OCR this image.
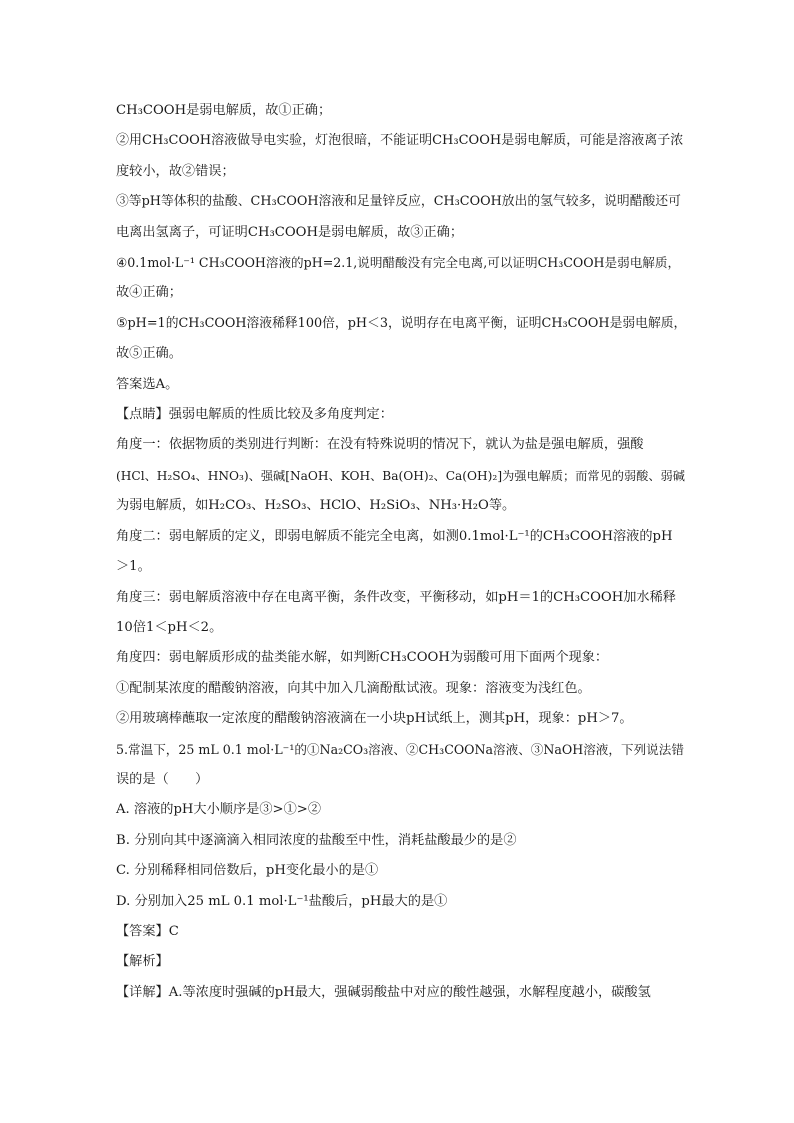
CH₃COOH是弱电解质，故①正确；

②用CH₃COOH溶液做导电实验，灯泡很暗，不能证明CH₃COOH是弱电解质，可能是溶液离子浓

度较小，故②错误；

③等pH等体积的盐酸、CH₃COOH溶液和足量锌反应，CH₃COOH放出的氢气较多，说明醋酸还可

电离出氢离子，可证明CH₃COOH是弱电解质，故③正确；

④0.1mol·L⁻¹ CH₃COOH溶液的pH=2.1,说明醋酸没有完全电离,可以证明CH₃COOH是弱电解质，

故④正确；

⑤pH=1的CH₃COOH溶液稀释100倍，pH＜3，说明存在电离平衡，证明CH₃COOH是弱电解质，

故⑤正确。

答案选A。

【点睛】强弱电解质的性质比较及多角度判定：

角度一：依据物质的类别进行判断：在没有特殊说明的情况下，就认为盐是强电解质，强酸

(HCl、H₂SO₄、HNO₃)、强碱[NaOH、KOH、Ba(OH)₂、Ca(OH)₂]为强电解质；而常见的弱酸、弱碱

为弱电解质，如H₂CO₃、H₂SO₃、HClO、H₂SiO₃、NH₃·H₂O等。

角度二：弱电解质的定义，即弱电解质不能完全电离，如测0.1mol·L⁻¹的CH₃COOH溶液的pH

＞1。

角度三：弱电解质溶液中存在电离平衡，条件改变，平衡移动，如pH＝1的CH₃COOH加水稀释

10倍1＜pH＜2。

角度四：弱电解质形成的盐类能水解，如判断CH₃COOH为弱酸可用下面两个现象：

①配制某浓度的醋酸钠溶液，向其中加入几滴酚酞试液。现象：溶液变为浅红色。

②用玻璃棒蘸取一定浓度的醋酸钠溶液滴在一小块pH试纸上，测其pH，现象：pH＞7。

5.常温下，25 mL 0.1 mol·L⁻¹的①Na₂CO₃溶液、②CH₃COONa溶液、③NaOH溶液，下列说法错

误的是（　　）

A. 溶液的pH大小顺序是③>①>②

B. 分别向其中逐滴滴入相同浓度的盐酸至中性，消耗盐酸最少的是②

C. 分别稀释相同倍数后，pH变化最小的是①

D. 分别加入25 mL 0.1 mol·L⁻¹盐酸后，pH最大的是①

【答案】C

【解析】

【详解】A.等浓度时强碱的pH最大，强碱弱酸盐中对应的酸性越强，水解程度越小，碳酸氢
